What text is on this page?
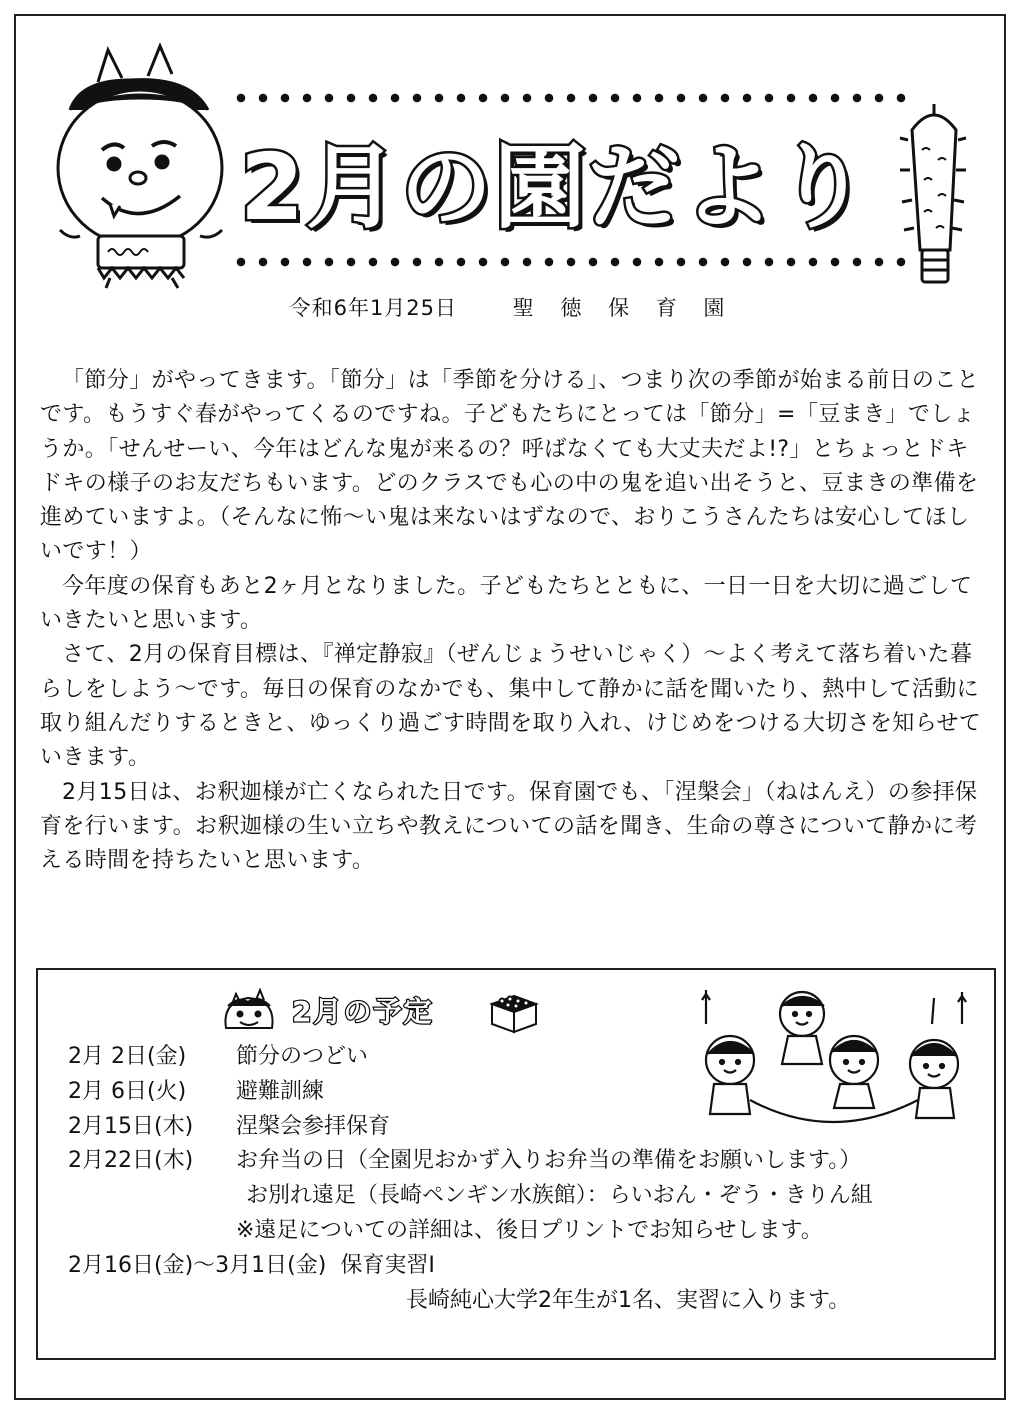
2月の園だより
令和6年1月25日	聖 徳 保 育 園

「節分」がやってきます。「節分」は「季節を分ける」、つまり次の季節が始まる前日のことです。もうすぐ春がやってくるのですね。子どもたちにとっては「節分」=「豆まき」でしょうか。「せんせーい、今年はどんな鬼が来るの？呼ばなくても大丈夫だよ!?」とちょっとドキドキの様子のお友だちもいます。どのクラスでも心の中の鬼を追い出そうと、豆まきの準備を進めていますよ。（そんなに怖〜い鬼は来ないはずなので、おりこうさんたちは安心してほしいです！）

今年度の保育もあと2ヶ月となりました。子どもたちとともに、一日一日を大切に過ごしていきたいと思います。

さて、2月の保育目標は、『禅定静寂』（ぜんじょうせいじゃく）〜よく考えて落ち着いた暮らしをしよう〜です。毎日の保育のなかでも、集中して静かに話を聞いたり、熱中して活動に取り組んだりするときと、ゆっくり過ごす時間を取り入れ、けじめをつける大切さを知らせていきます。

2月15日は、お釈迦様が亡くなられた日です。保育園でも、「涅槃会」（ねはんえ）の参拝保育を行います。お釈迦様の生い立ちや教えについての話を聞き、生命の尊さについて静かに考える時間を持ちたいと思います。

2月の予定
2月 2日(金) 節分のつどい
2月 6日(火) 避難訓練
2月15日(木) 涅槃会参拝保育
2月22日(木) お弁当の日（全園児おかず入りお弁当の準備をお願いします。）
お別れ遠足（長崎ペンギン水族館）：らいおん・ぞう・きりん組
※遠足についての詳細は、後日プリントでお知らせします。
2月16日(金)〜3月1日(金) 保育実習Ⅰ
長崎純心大学2年生が1名、実習に入ります。
